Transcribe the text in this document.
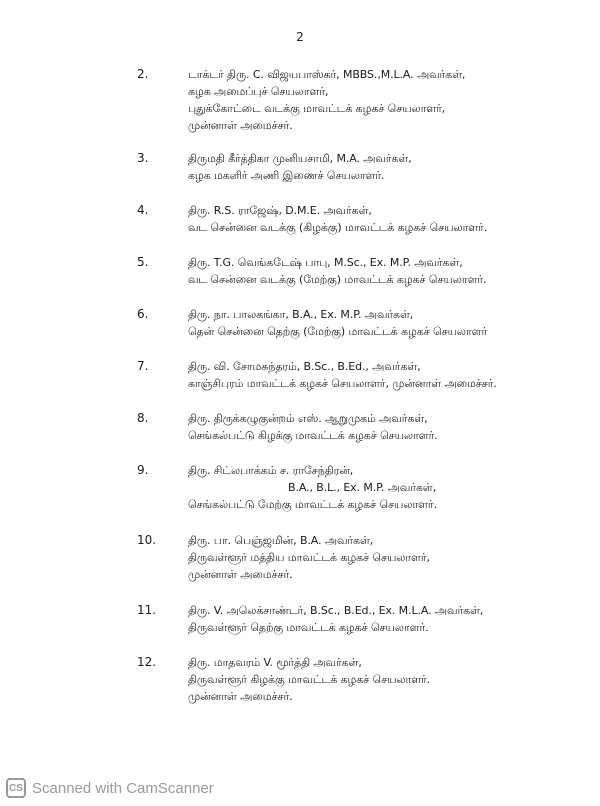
2
2.	டாக்டர் திரு. C. விஜயபாஸ்கர், MBBS.,M.L.A. அவர்கள்,
கழக அமைப்புச் செயலாளர்,
புதுக்கோட்டை வடக்கு மாவட்டக் கழகச் செயலாளர்,
முன்னாள் அமைச்சர்.
3.	திருமதி கீர்த்திகா முனியசாமி, M.A. அவர்கள்,
கழக மகளிர் அணி இணைச் செயலாளர்.
4.	திரு. R.S. ராஜேஷ், D.M.E. அவர்கள்,
வட சென்னை வடக்கு (கிழக்கு) மாவட்டக் கழகச் செயலாளர்.
5.	திரு. T.G. வெங்கடேஷ் பாபு, M.Sc., Ex. M.P. அவர்கள்,
வட சென்னை வடக்கு (மேற்கு) மாவட்டக் கழகச் செயலாளர்.
6.	திரு. நா. பாலகங்கா, B.A., Ex. M.P. அவர்கள்,
தென் சென்னை தெற்கு (மேற்கு) மாவட்டக் கழகச் செயலாளர்
7.	திரு. வி. சோமசுந்தரம், B.Sc., B.Ed., அவர்கள்,
காஞ்சிபுரம் மாவட்டக் கழகச் செயலாளர், முன்னாள் அமைச்சர்.
8.	திரு. திருக்கழுகுன்றம் எஸ். ஆறுமுகம் அவர்கள்,
செங்கல்பட்டு கிழக்கு மாவட்டக் கழகச் செயலாளர்.
9.	திரு. சிட்லபாக்கம் ச. ராசேந்திரன்,
B.A., B.L., Ex. M.P. அவர்கள்,
செங்கல்பட்டு மேற்கு மாவட்டக் கழகச் செயலாளர்.
10.	திரு. பா. பெஞ்ஜமின், B.A. அவர்கள்,
திருவள்ளூர் மத்திய மாவட்டக் கழகச் செயலாளர்,
முன்னாள் அமைச்சர்.
11.	திரு. V. அலெக்சாண்டர், B.Sc., B.Ed., Ex. M.L.A. அவர்கள்,
திருவள்ளூர் தெற்கு மாவட்டக் கழகச் செயலாளர்.
12.	திரு. மாதவரம் V. மூர்த்தி அவர்கள்,
திருவள்ளூர் கிழக்கு மாவட்டக் கழகச் செயலாளர்.
முன்னாள் அமைச்சர்.
CS Scanned with CamScanner
